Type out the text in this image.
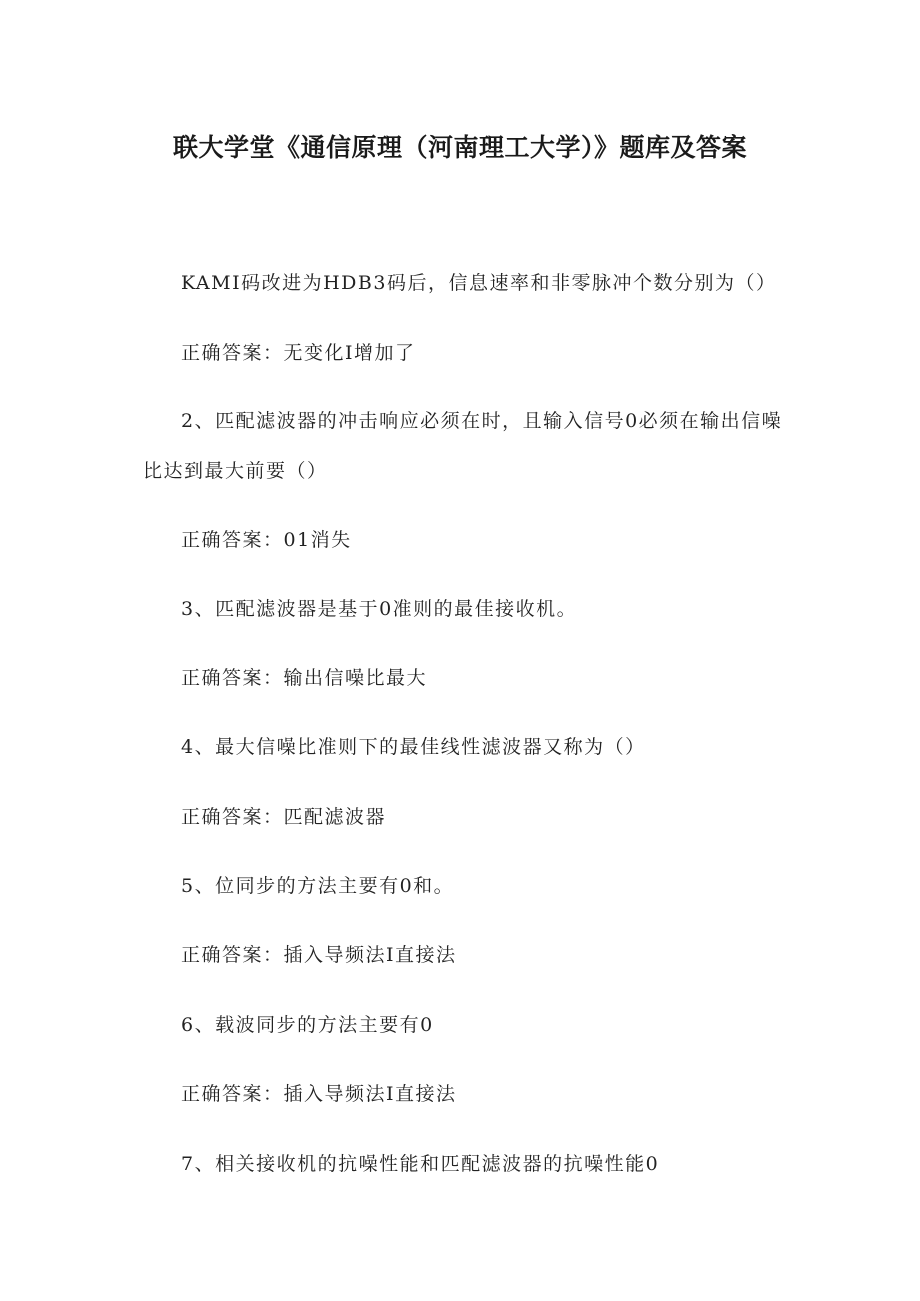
联大学堂《通信原理（河南理工大学）》题库及答案
KAMI码改进为HDB3码后，信息速率和非零脉冲个数分别为（）
正确答案：无变化I增加了
2、匹配滤波器的冲击响应必须在时，且输入信号0必须在输出信噪
比达到最大前要（）
正确答案：01消失
3、匹配滤波器是基于0准则的最佳接收机。
正确答案：输出信噪比最大
4、最大信噪比准则下的最佳线性滤波器又称为（）
正确答案：匹配滤波器
5、位同步的方法主要有0和。
正确答案：插入导频法I直接法
6、载波同步的方法主要有0
正确答案：插入导频法I直接法
7、相关接收机的抗噪性能和匹配滤波器的抗噪性能0
